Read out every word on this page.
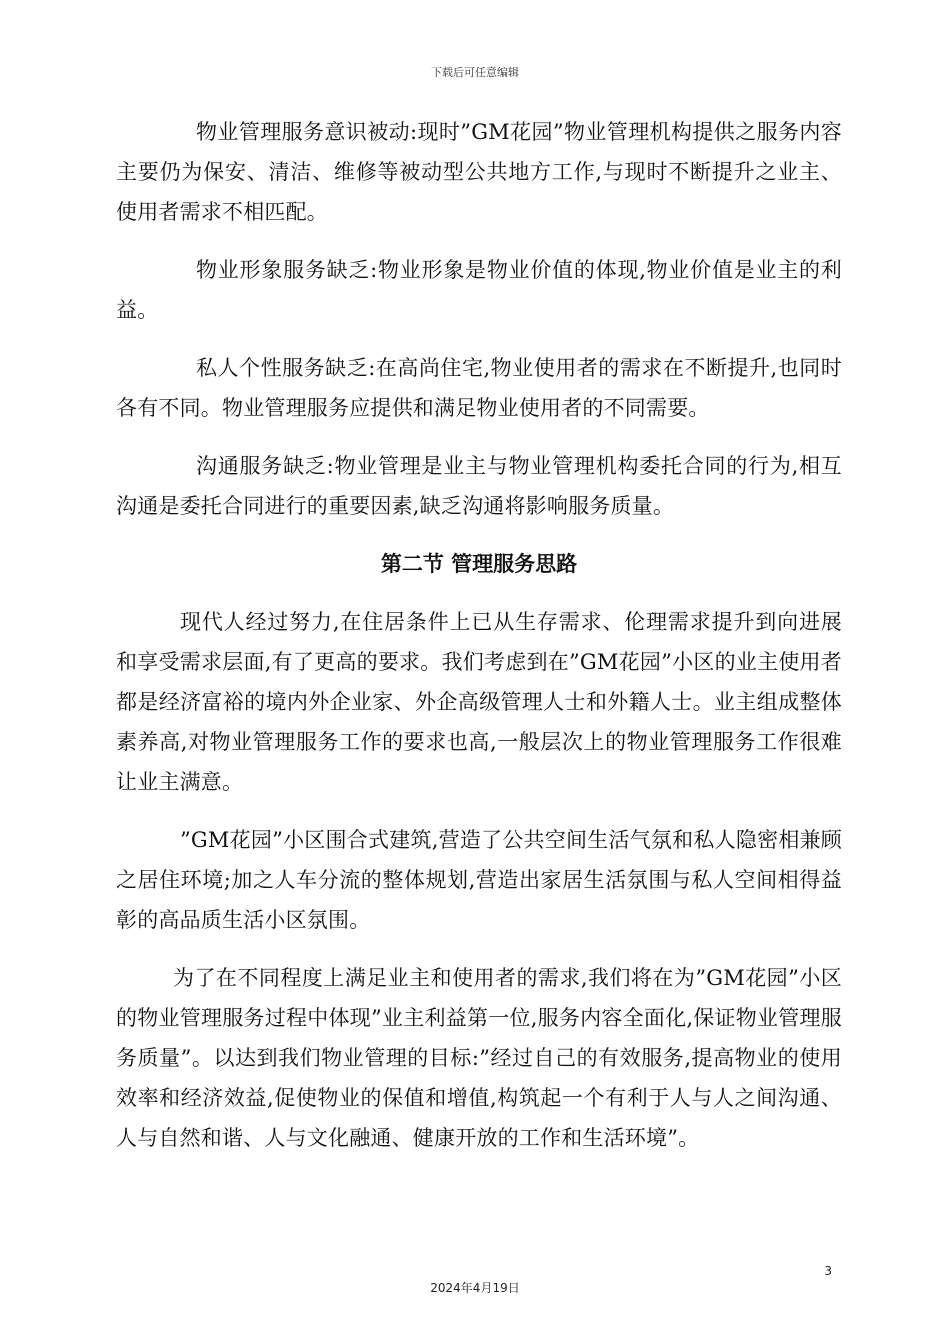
下载后可任意编辑

物业管理服务意识被动:现时”GM花园”物业管理机构提供之服务内容主要仍为保安、清洁、维修等被动型公共地方工作,与现时不断提升之业主、使用者需求不相匹配。

物业形象服务缺乏:物业形象是物业价值的体现,物业价值是业主的利益。

私人个性服务缺乏:在高尚住宅,物业使用者的需求在不断提升,也同时各有不同。物业管理服务应提供和满足物业使用者的不同需要。

沟通服务缺乏:物业管理是业主与物业管理机构委托合同的行为,相互沟通是委托合同进行的重要因素,缺乏沟通将影响服务质量。

第二节 管理服务思路

现代人经过努力,在住居条件上已从生存需求、伦理需求提升到向进展和享受需求层面,有了更高的要求。我们考虑到在”GM花园”小区的业主使用者都是经济富裕的境内外企业家、外企高级管理人士和外籍人士。业主组成整体素养高,对物业管理服务工作的要求也高,一般层次上的物业管理服务工作很难让业主满意。

”GM花园”小区围合式建筑,营造了公共空间生活气氛和私人隐密相兼顾之居住环境;加之人车分流的整体规划,营造出家居生活氛围与私人空间相得益彰的高品质生活小区氛围。

为了在不同程度上满足业主和使用者的需求,我们将在为”GM花园”小区的物业管理服务过程中体现”业主利益第一位,服务内容全面化,保证物业管理服务质量”。以达到我们物业管理的目标:”经过自己的有效服务,提高物业的使用效率和经济效益,促使物业的保值和增值,构筑起一个有利于人与人之间沟通、人与自然和谐、人与文化融通、健康开放的工作和生活环境”。

3
2024年4月19日
